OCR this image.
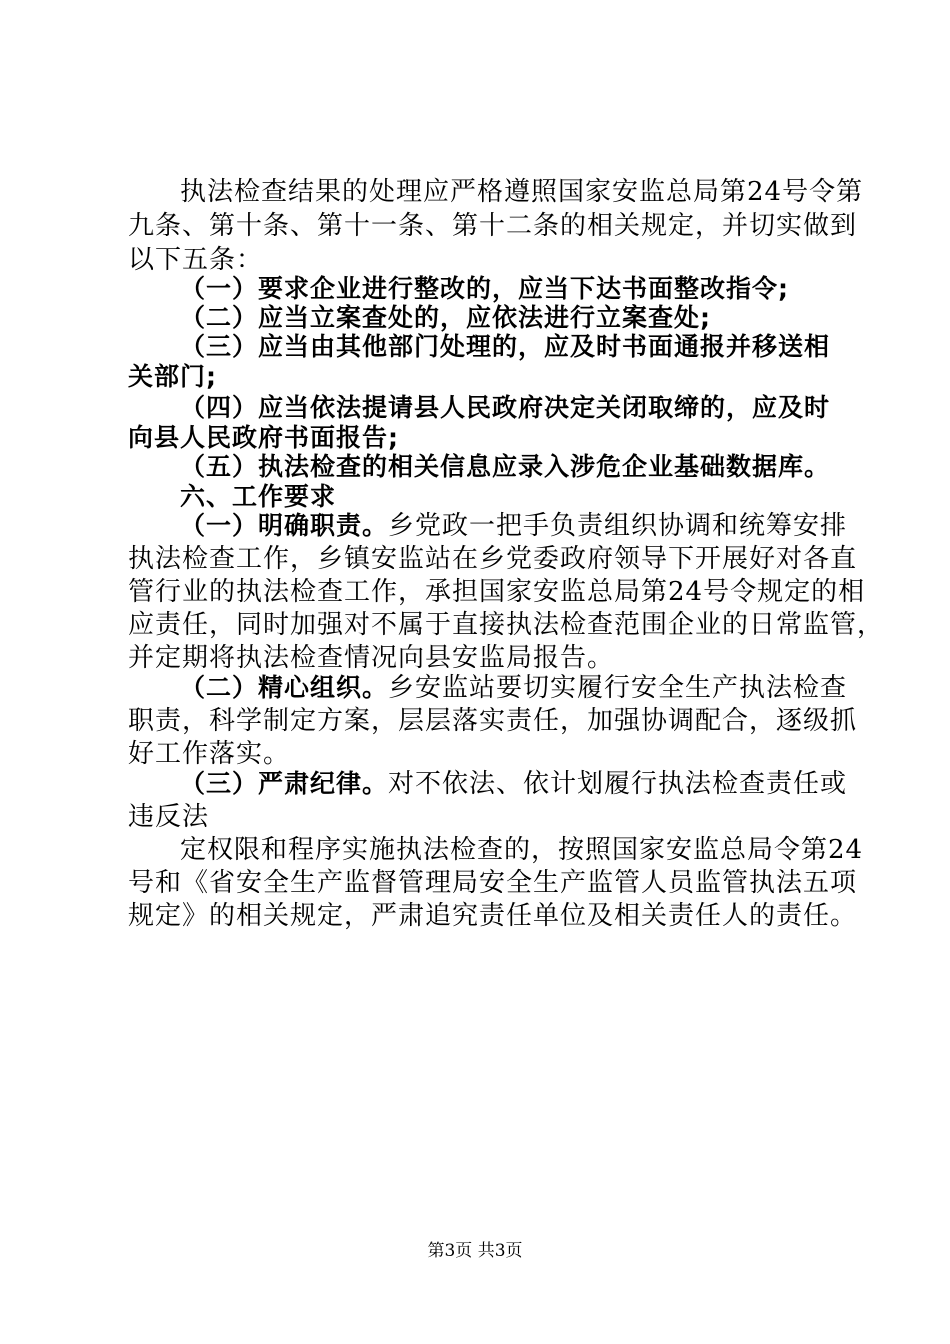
执法检查结果的处理应严格遵照国家安监总局第24号令第
九条、第十条、第十一条、第十二条的相关规定，并切实做到
以下五条：
（一）要求企业进行整改的，应当下达书面整改指令;
（二）应当立案查处的，应依法进行立案查处;
（三）应当由其他部门处理的，应及时书面通报并移送相
关部门;
（四）应当依法提请县人民政府决定关闭取缔的，应及时
向县人民政府书面报告;
（五）执法检查的相关信息应录入涉危企业基础数据库。
六、工作要求
（一）明确职责。乡党政一把手负责组织协调和统筹安排
执法检查工作，乡镇安监站在乡党委政府领导下开展好对各直
管行业的执法检查工作，承担国家安监总局第24号令规定的相
应责任，同时加强对不属于直接执法检查范围企业的日常监管，
并定期将执法检查情况向县安监局报告。
（二）精心组织。乡安监站要切实履行安全生产执法检查
职责，科学制定方案，层层落实责任，加强协调配合，逐级抓
好工作落实。
（三）严肃纪律。对不依法、依计划履行执法检查责任或
违反法
定权限和程序实施执法检查的，按照国家安监总局令第24
号和《省安全生产监督管理局安全生产监管人员监管执法五项
规定》的相关规定，严肃追究责任单位及相关责任人的责任。
第3页 共3页
